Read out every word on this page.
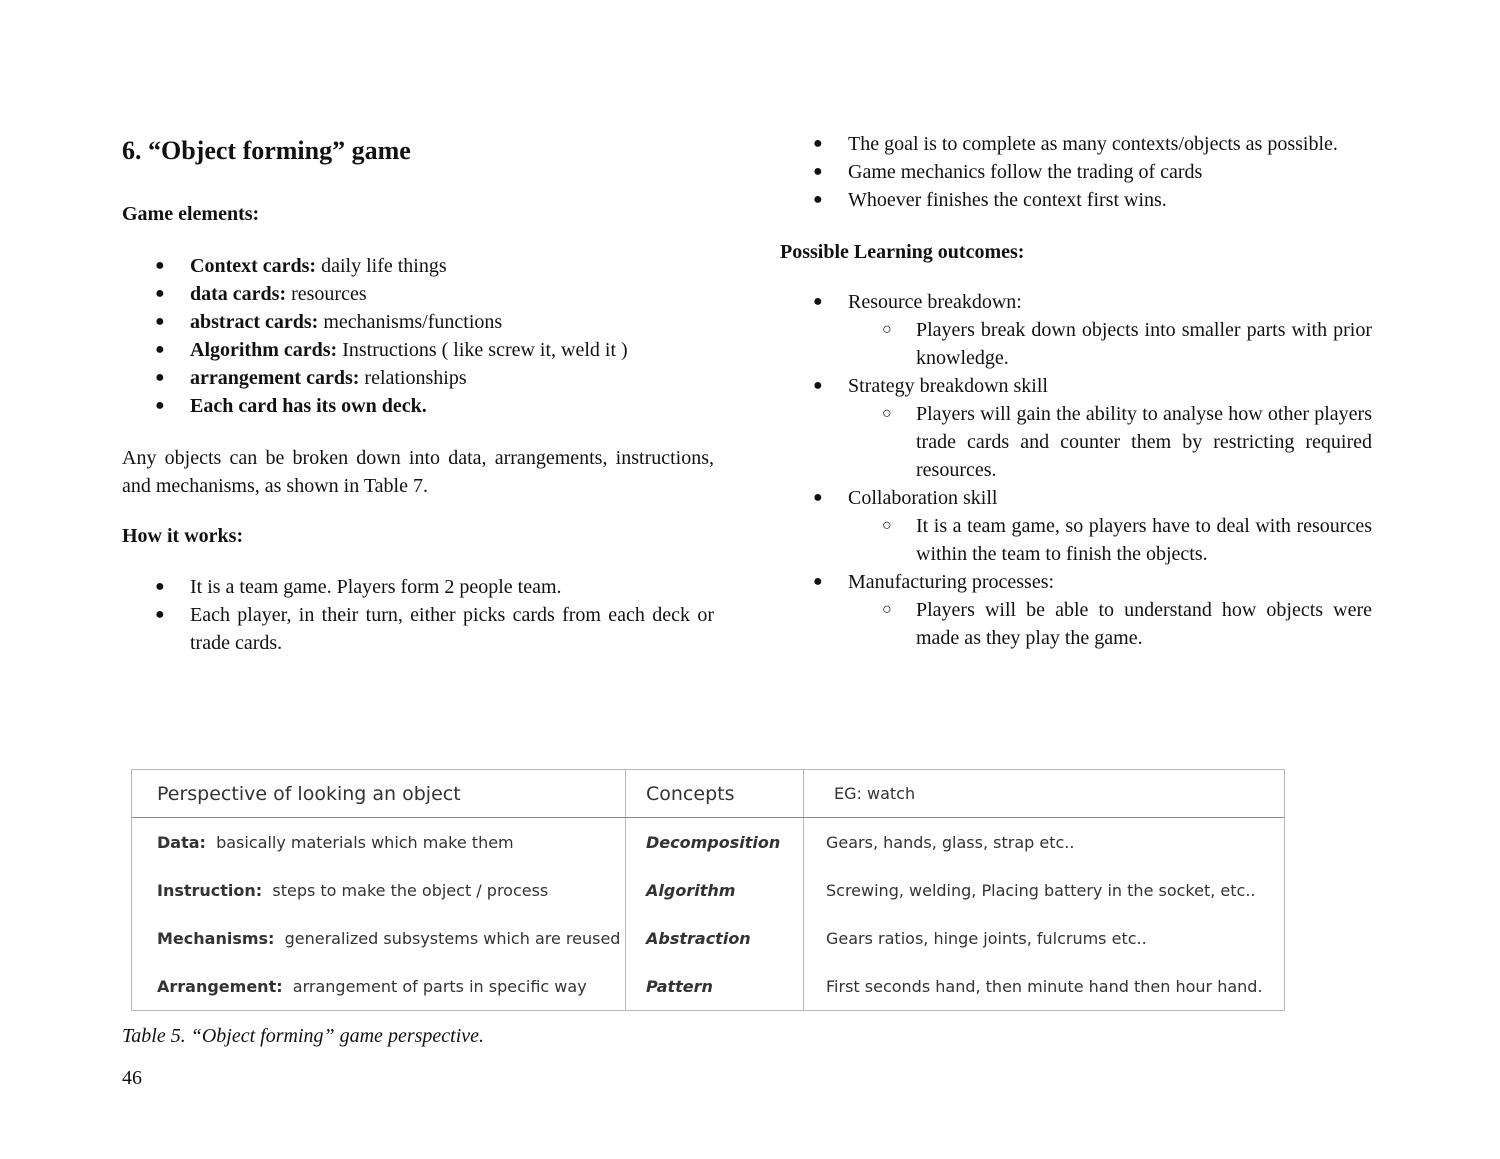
6. “Object forming” game

Game elements:

● Context cards: daily life things
● data cards: resources
● abstract cards: mechanisms/functions
● Algorithm cards: Instructions ( like screw it, weld it )
● arrangement cards: relationships
● Each card has its own deck.

Any objects can be broken down into data, arrangements, instructions, and mechanisms, as shown in Table 7.

How it works:

● It is a team game. Players form 2 people team.
● Each player, in their turn, either picks cards from each deck or trade cards.
● The goal is to complete as many contexts/objects as possible.
● Game mechanics follow the trading of cards
● Whoever finishes the context first wins.

Possible Learning outcomes:

● Resource breakdown:
○ Players break down objects into smaller parts with prior knowledge.
● Strategy breakdown skill
○ Players will gain the ability to analyse how other players trade cards and counter them by restricting required resources.
● Collaboration skill
○ It is a team game, so players have to deal with resources within the team to finish the objects.
● Manufacturing processes:
○ Players will be able to understand how objects were made as they play the game.
Perspective of looking an object	Concepts	EG: watch
Data:  basically materials which make them	Decomposition	Gears, hands, glass, strap etc..
Instruction:  steps to make the object / process	Algorithm	Screwing, welding, Placing battery in the socket, etc..
Mechanisms:  generalized subsystems which are reused	Abstraction	Gears ratios, hinge joints, fulcrums etc..
Arrangement:  arrangement of parts in specific way	Pattern	First seconds hand, then minute hand then hour hand.
Table 5. “Object forming” game perspective.
46
